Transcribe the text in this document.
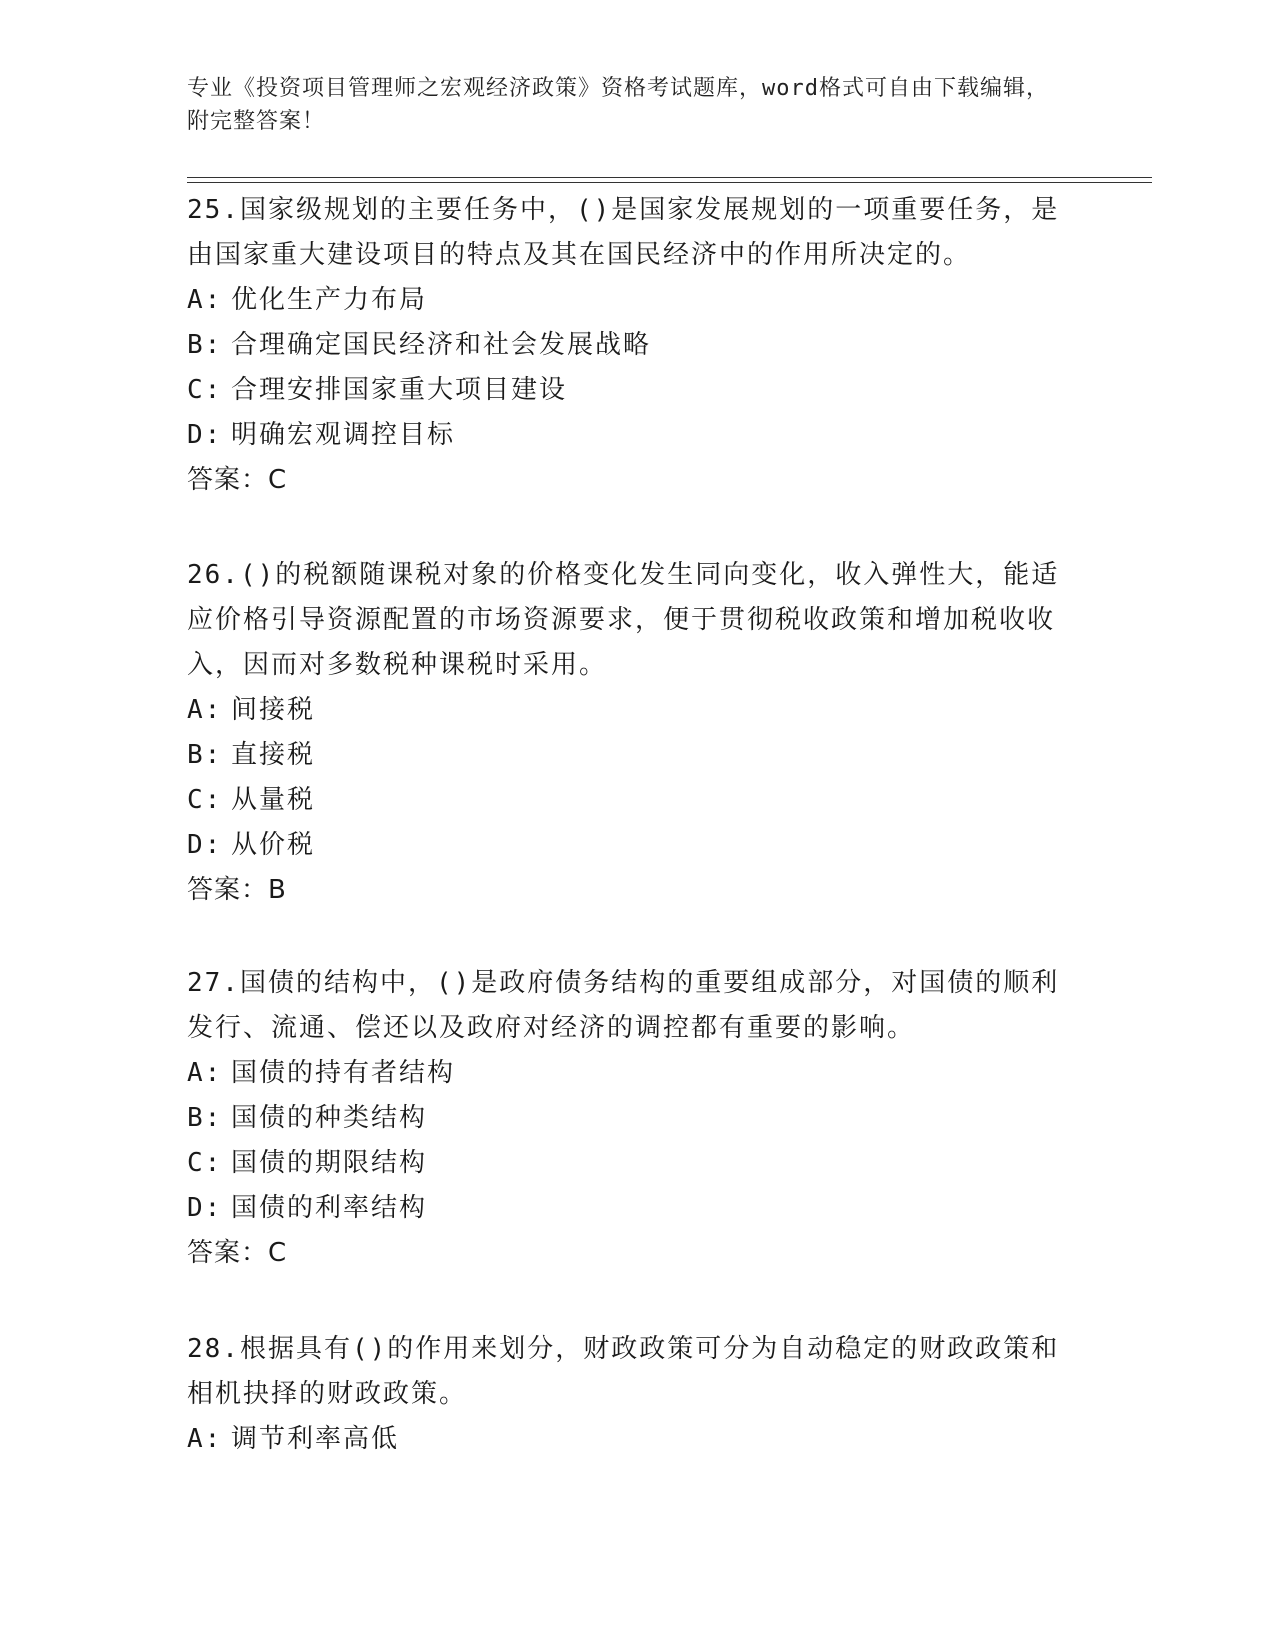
专业《投资项目管理师之宏观经济政策》资格考试题库，word格式可自由下载编辑，附完整答案！

25.国家级规划的主要任务中，()是国家发展规划的一项重要任务，是由国家重大建设项目的特点及其在国民经济中的作用所决定的。

A: 优化生产力布局

B: 合理确定国民经济和社会发展战略

C: 合理安排国家重大项目建设

D: 明确宏观调控目标

答案：C

26.()的税额随课税对象的价格变化发生同向变化，收入弹性大，能适应价格引导资源配置的市场资源要求，便于贯彻税收政策和增加税收收入，因而对多数税种课税时采用。

A: 间接税

B: 直接税

C: 从量税

D: 从价税

答案：B

27.国债的结构中，()是政府债务结构的重要组成部分，对国债的顺利发行、流通、偿还以及政府对经济的调控都有重要的影响。

A: 国债的持有者结构

B: 国债的种类结构

C: 国债的期限结构

D: 国债的利率结构

答案：C

28.根据具有()的作用来划分，财政政策可分为自动稳定的财政政策和相机抉择的财政政策。

A: 调节利率高低
